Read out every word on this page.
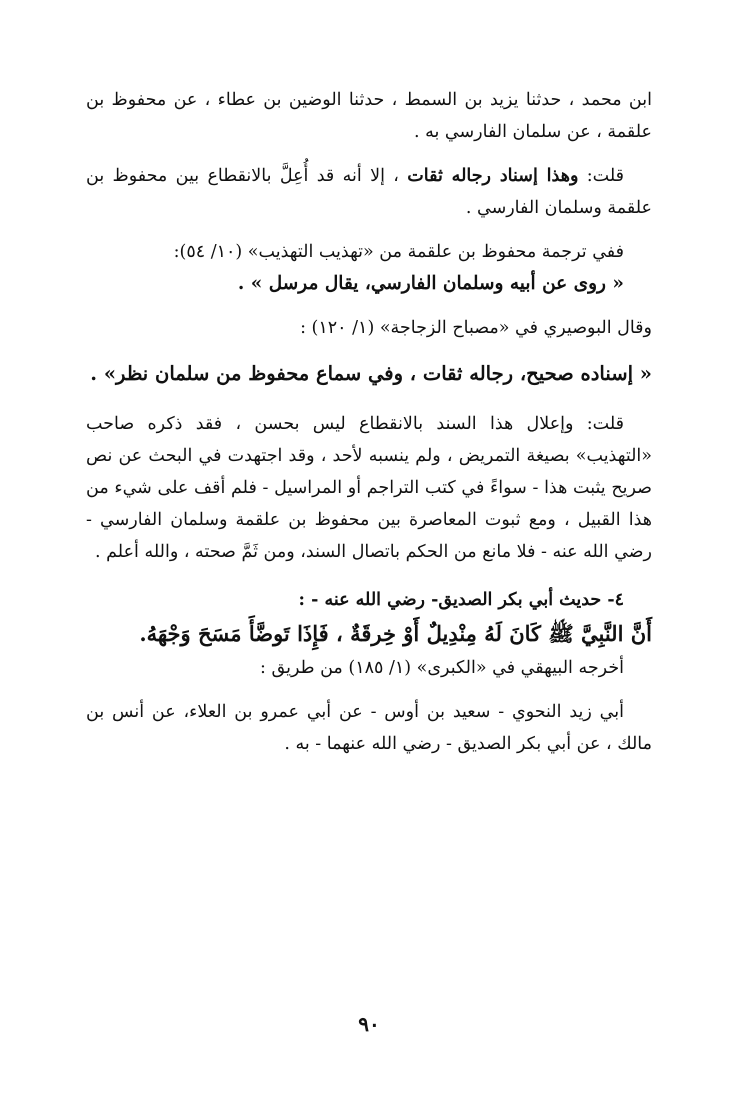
ابن محمد ، حدثنا يزيد بن السمط ، حدثنا الوضين بن عطاء ، عن محفوظ بن علقمة ، عن سلمان الفارسي به .

قلت: وهذا إسناد رجاله ثقات ، إلا أنه قد أُعِلَّ بالانقطاع بين محفوظ بن علقمة وسلمان الفارسي .

ففي ترجمة محفوظ بن علقمة من «تهذيب التهذيب» (١٠/ ٥٤):

« روى عن أبيه وسلمان الفارسي، يقال مرسل » .

وقال البوصيري في «مصباح الزجاجة» (١/ ١٢٠) :

« إسناده صحيح، رجاله ثقات ، وفي سماع محفوظ من سلمان نظر» .

قلت: وإعلال هذا السند بالانقطاع ليس بحسن ، فقد ذكره صاحب «التهذيب» بصيغة التمريض ، ولم ينسبه لأحد ، وقد اجتهدت في البحث عن نص صريح يثبت هذا - سواءً في كتب التراجم أو المراسيل - فلم أقف على شيء من هذا القبيل ، ومع ثبوت المعاصرة بين محفوظ بن علقمة وسلمان الفارسي - رضي الله عنه - فلا مانع من الحكم باتصال السند، ومن ثَمَّ صحته ، والله أعلم .

٤- حديث أبي بكر الصديق- رضي الله عنه - :

أَنَّ النَّبِيَّ ﷺ كَانَ لَهُ مِنْدِيلٌ أَوْ خِرقَةٌ ، فَإِذَا تَوضَّأَ مَسَحَ وَجْهَهُ.

أخرجه البيهقي في «الكبرى» (١/ ١٨٥) من طريق :

أبي زيد النحوي - سعيد بن أوس - عن أبي عمرو بن العلاء، عن أنس بن مالك ، عن أبي بكر الصديق - رضي الله عنهما - به .

٩٠
